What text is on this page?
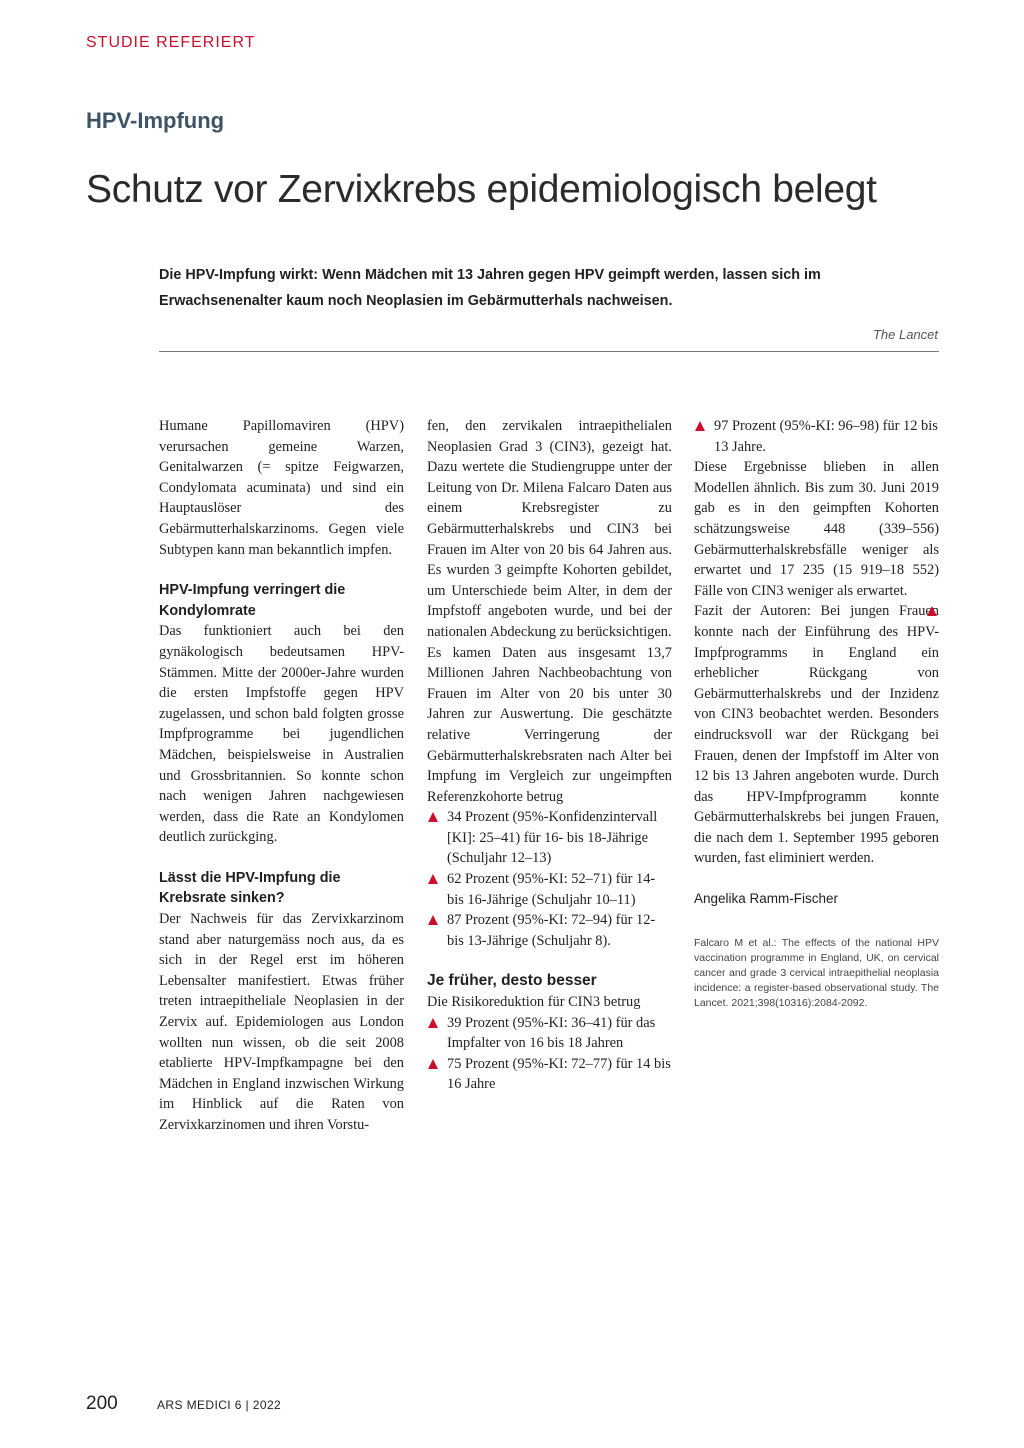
STUDIE REFERIERT
HPV-Impfung
Schutz vor Zervixkrebs epidemiologisch belegt

Die HPV-Impfung wirkt: Wenn Mädchen mit 13 Jahren gegen HPV geimpft werden, lassen sich im Erwachsenenalter kaum noch Neoplasien im Gebärmutterhals nachweisen.

The Lancet

Humane Papillomaviren (HPV) verursachen gemeine Warzen, Genitalwarzen (= spitze Feigwarzen, Condylomata acuminata) und sind ein Hauptauslöser des Gebärmutterhalskarzinoms. Gegen viele Subtypen kann man bekanntlich impfen.

HPV-Impfung verringert die Kondylomrate

Das funktioniert auch bei den gynäkologisch bedeutsamen HPV-Stämmen. Mitte der 2000er-Jahre wurden die ersten Impfstoffe gegen HPV zugelassen, und schon bald folgten grosse Impfprogramme bei jugendlichen Mädchen, beispielsweise in Australien und Grossbritannien. So konnte schon nach wenigen Jahren nachgewiesen werden, dass die Rate an Kondylomen deutlich zurückging.

Lässt die HPV-Impfung die Krebsrate sinken?

Der Nachweis für das Zervixkarzinom stand aber naturgemäss noch aus, da es sich in der Regel erst im höheren Lebensalter manifestiert. Etwas früher treten intraepitheliale Neoplasien in der Zervix auf. Epidemiologen aus London wollten nun wissen, ob die seit 2008 etablierte HPV-Impfkampagne bei den Mädchen in England inzwischen Wirkung im Hinblick auf die Raten von Zervixkarzinomen und ihren Vorstu-

fen, den zervikalen intraepithelialen Neoplasien Grad 3 (CIN3), gezeigt hat. Dazu wertete die Studiengruppe unter der Leitung von Dr. Milena Falcaro Daten aus einem Krebsregister zu Gebärmutterhalskrebs und CIN3 bei Frauen im Alter von 20 bis 64 Jahren aus. Es wurden 3 geimpfte Kohorten gebildet, um Unterschiede beim Alter, in dem der Impfstoff angeboten wurde, und bei der nationalen Abdeckung zu berücksichtigen.

Es kamen Daten aus insgesamt 13,7 Millionen Jahren Nachbeobachtung von Frauen im Alter von 20 bis unter 30 Jahren zur Auswertung. Die geschätzte relative Verringerung der Gebärmutterhalskrebsraten nach Alter bei Impfung im Vergleich zur ungeimpften Referenzkohorte betrug

34 Prozent (95%-Konfidenzintervall [KI]: 25–41) für 16- bis 18-Jährige (Schuljahr 12–13)
62 Prozent (95%-KI: 52–71) für 14- bis 16-Jährige (Schuljahr 10–11)
87 Prozent (95%-KI: 72–94) für 12- bis 13-Jährige (Schuljahr 8).
Je früher, desto besser

Die Risikoreduktion für CIN3 betrug

39 Prozent (95%-KI: 36–41) für das Impfalter von 16 bis 18 Jahren
75 Prozent (95%-KI: 72–77) für 14 bis 16 Jahre
97 Prozent (95%-KI: 96–98) für 12 bis 13 Jahre.

Diese Ergebnisse blieben in allen Modellen ähnlich. Bis zum 30. Juni 2019 gab es in den geimpften Kohorten schätzungsweise 448 (339–556) Gebärmutterhalskrebsfälle weniger als erwartet und 17 235 (15 919–18 552) Fälle von CIN3 weniger als erwartet.

Fazit der Autoren: Bei jungen Frauen konnte nach der Einführung des HPV-Impfprogramms in England ein erheblicher Rückgang von Gebärmutterhalskrebs und der Inzidenz von CIN3 beobachtet werden. Besonders eindrucksvoll war der Rückgang bei Frauen, denen der Impfstoff im Alter von 12 bis 13 Jahren angeboten wurde. Durch das HPV-Impfprogramm konnte Gebärmutterhalskrebs bei jungen Frauen, die nach dem 1. September 1995 geboren wurden, fast eliminiert werden.

Angelika Ramm-Fischer
Falcaro M et al.: The effects of the national HPV vaccination programme in England, UK, on cervical cancer and grade 3 cervical intraepithelial neoplasia incidence: a register-based observational study. The Lancet. 2021;398(10316):2084-2092.
200	ARS MEDICI 6 | 2022
